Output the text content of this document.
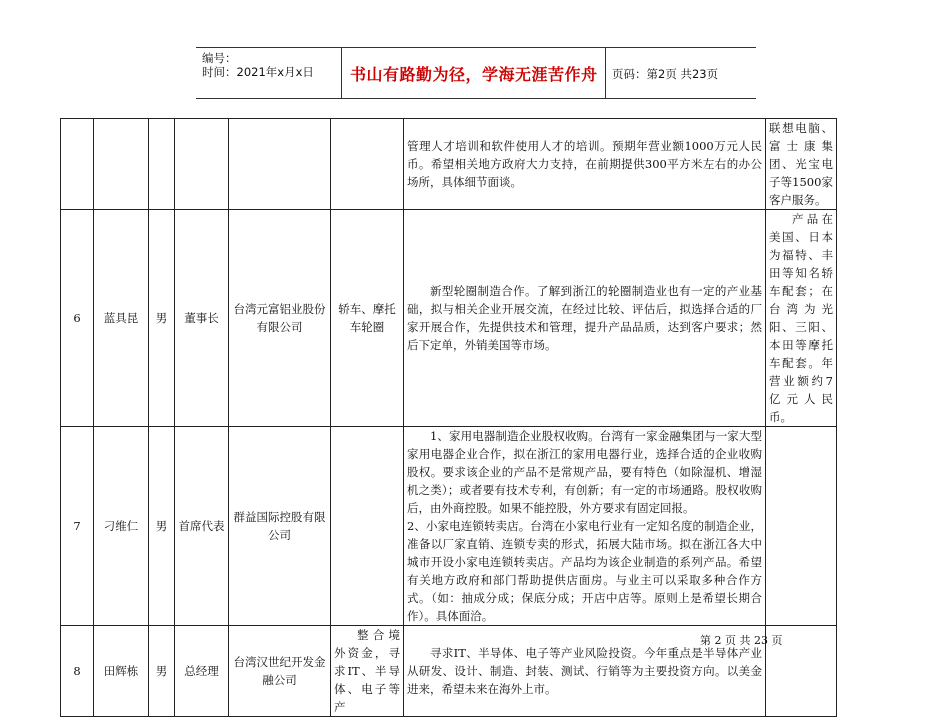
编号：
时间：2021年x月x日 书山有路勤为径，学海无涯苦作舟 页码：第2页 共23页
						管理人才培训和软件使用人才的培训。预期年营业额1000万元人民币。希望相关地方政府大力支持，在前期提供300平方米左右的办公场所，具体细节面谈。	联想电脑、富士康集团、光宝电子等1500家客户服务。
6	蓝具昆	男	董事长	台湾元富铝业股份有限公司	轿车、摩托车轮圈	新型轮圈制造合作。了解到浙江的轮圈制造业也有一定的产业基础，拟与相关企业开展交流，在经过比较、评估后，拟选择合适的厂家开展合作，先提供技术和管理，提升产品品质，达到客户要求；然后下定单，外销美国等市场。	产品在美国、日本为福特、丰田等知名轿车配套；在台湾为光阳、三阳、本田等摩托车配套。年营业额约7亿元人民币。

7	刁维仁	男	首席代表	群益国际控股有限公司		1、家用电器制造企业股权收购。台湾有一家金融集团与一家大型家用电器企业合作，拟在浙江的家用电器行业，选择合适的企业收购股权。要求该企业的产品不是常规产品，要有特色（如除湿机、增湿机之类）；或者要有技术专利，有创新；有一定的市场通路。股权收购后，由外商控股。如果不能控股，外方要求有固定回报。
2、小家电连锁转卖店。台湾在小家电行业有一定知名度的制造企业，准备以厂家直销、连锁专卖的形式，拓展大陆市场。拟在浙江各大中城市开设小家电连锁转卖店。产品均为该企业制造的系列产品。希望有关地方政府和部门帮助提供店面房。与业主可以采取多种合作方式。（如：抽成分成；保底分成；开店中店等。原则上是希望长期合作）。具体面洽。	

8	田辉栋	男	总经理	台湾汉世纪开发金融公司	整合境外资金，寻求IT、半导体、电子等产	寻求IT、半导体、电子等产业风险投资。今年重点是半导体产业从研发、设计、制造、封装、测试、行销等为主要投资方向。以美金进来，希望未来在海外上市。	

第 2 页 共 23 页
